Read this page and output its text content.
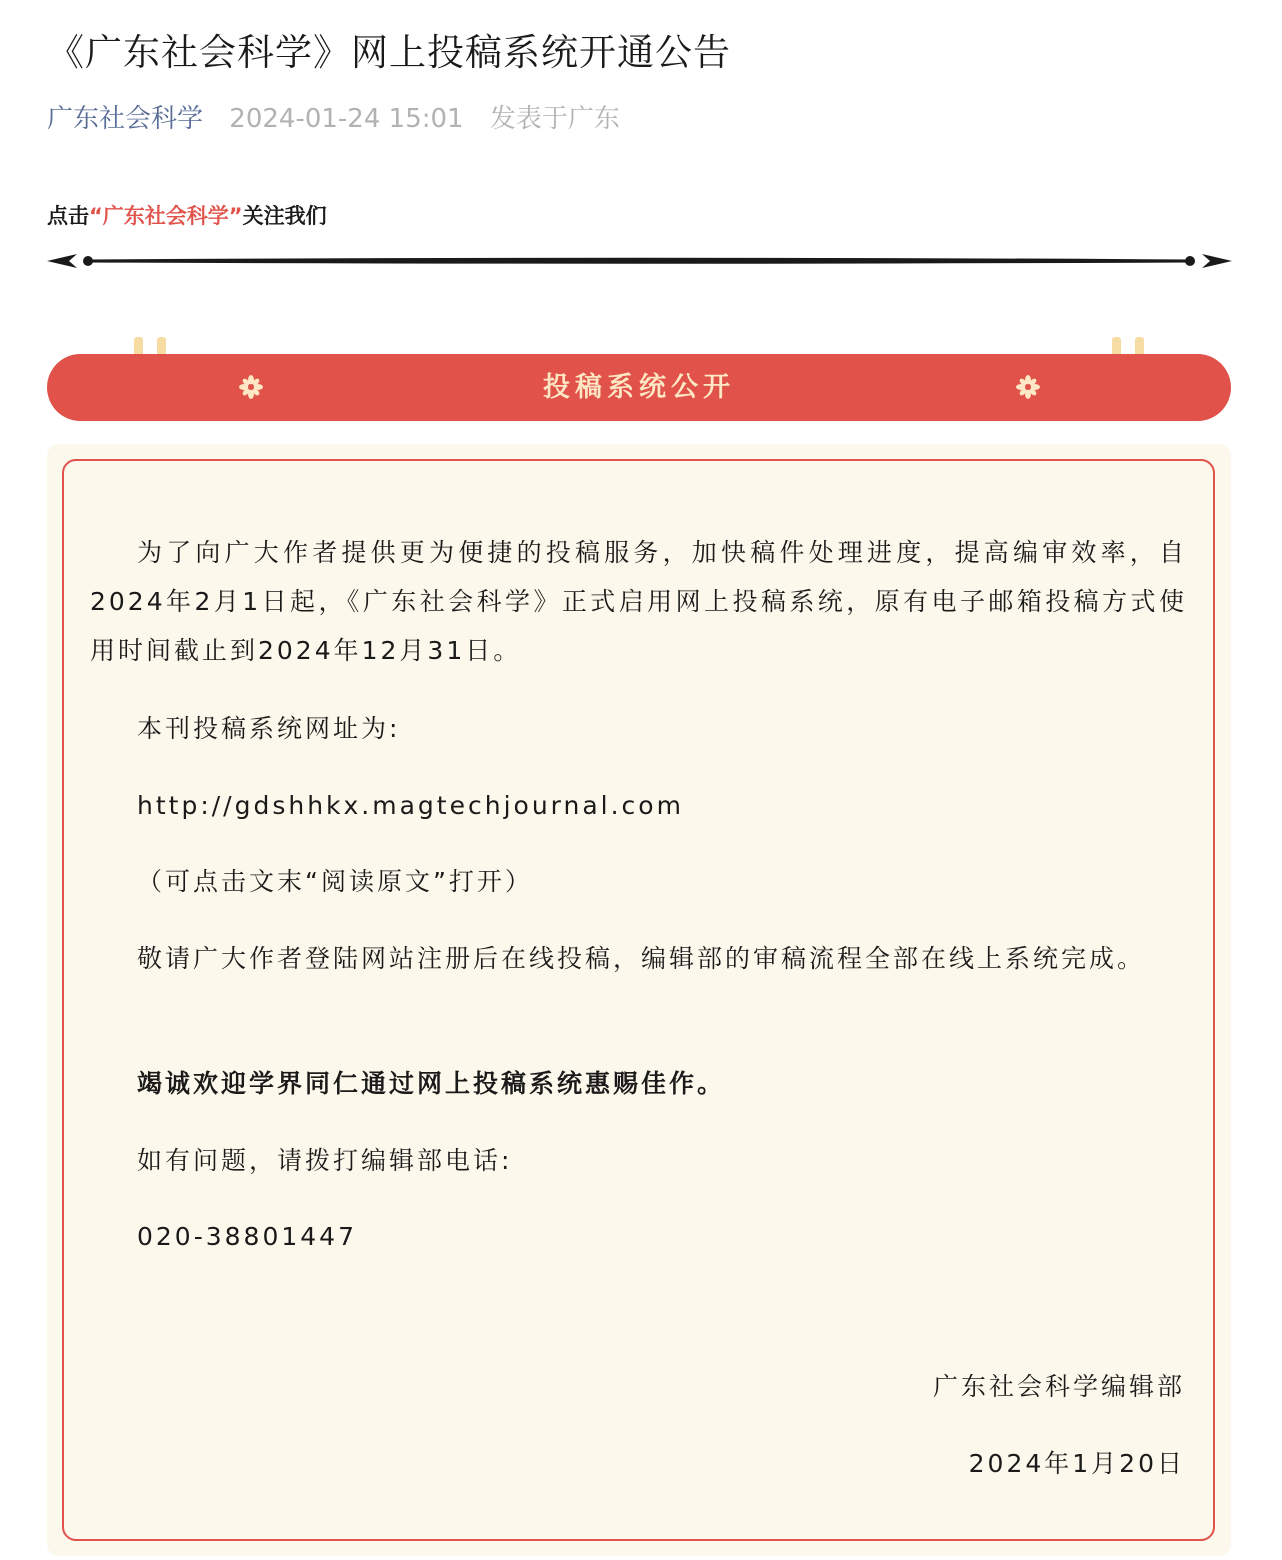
《广东社会科学》网上投稿系统开通公告
广东社会科学 2024-01-24 15:01 发表于广东
点击“广东社会科学”关注我们
投稿系统公开

为了向广大作者提供更为便捷的投稿服务，加快稿件处理进度，提高编审效率，自2024年2月1日起，《广东社会科学》正式启用网上投稿系统，原有电子邮箱投稿方式使用时间截止到2024年12月31日。

本刊投稿系统网址为:

http://gdshhkx.magtechjournal.com

（可点击文末“阅读原文”打开）

敬请广大作者登陆网站注册后在线投稿，编辑部的审稿流程全部在线上系统完成。

竭诚欢迎学界同仁通过网上投稿系统惠赐佳作。

如有问题，请拨打编辑部电话:

020-38801447

广东社会科学编辑部

2024年1月20日
